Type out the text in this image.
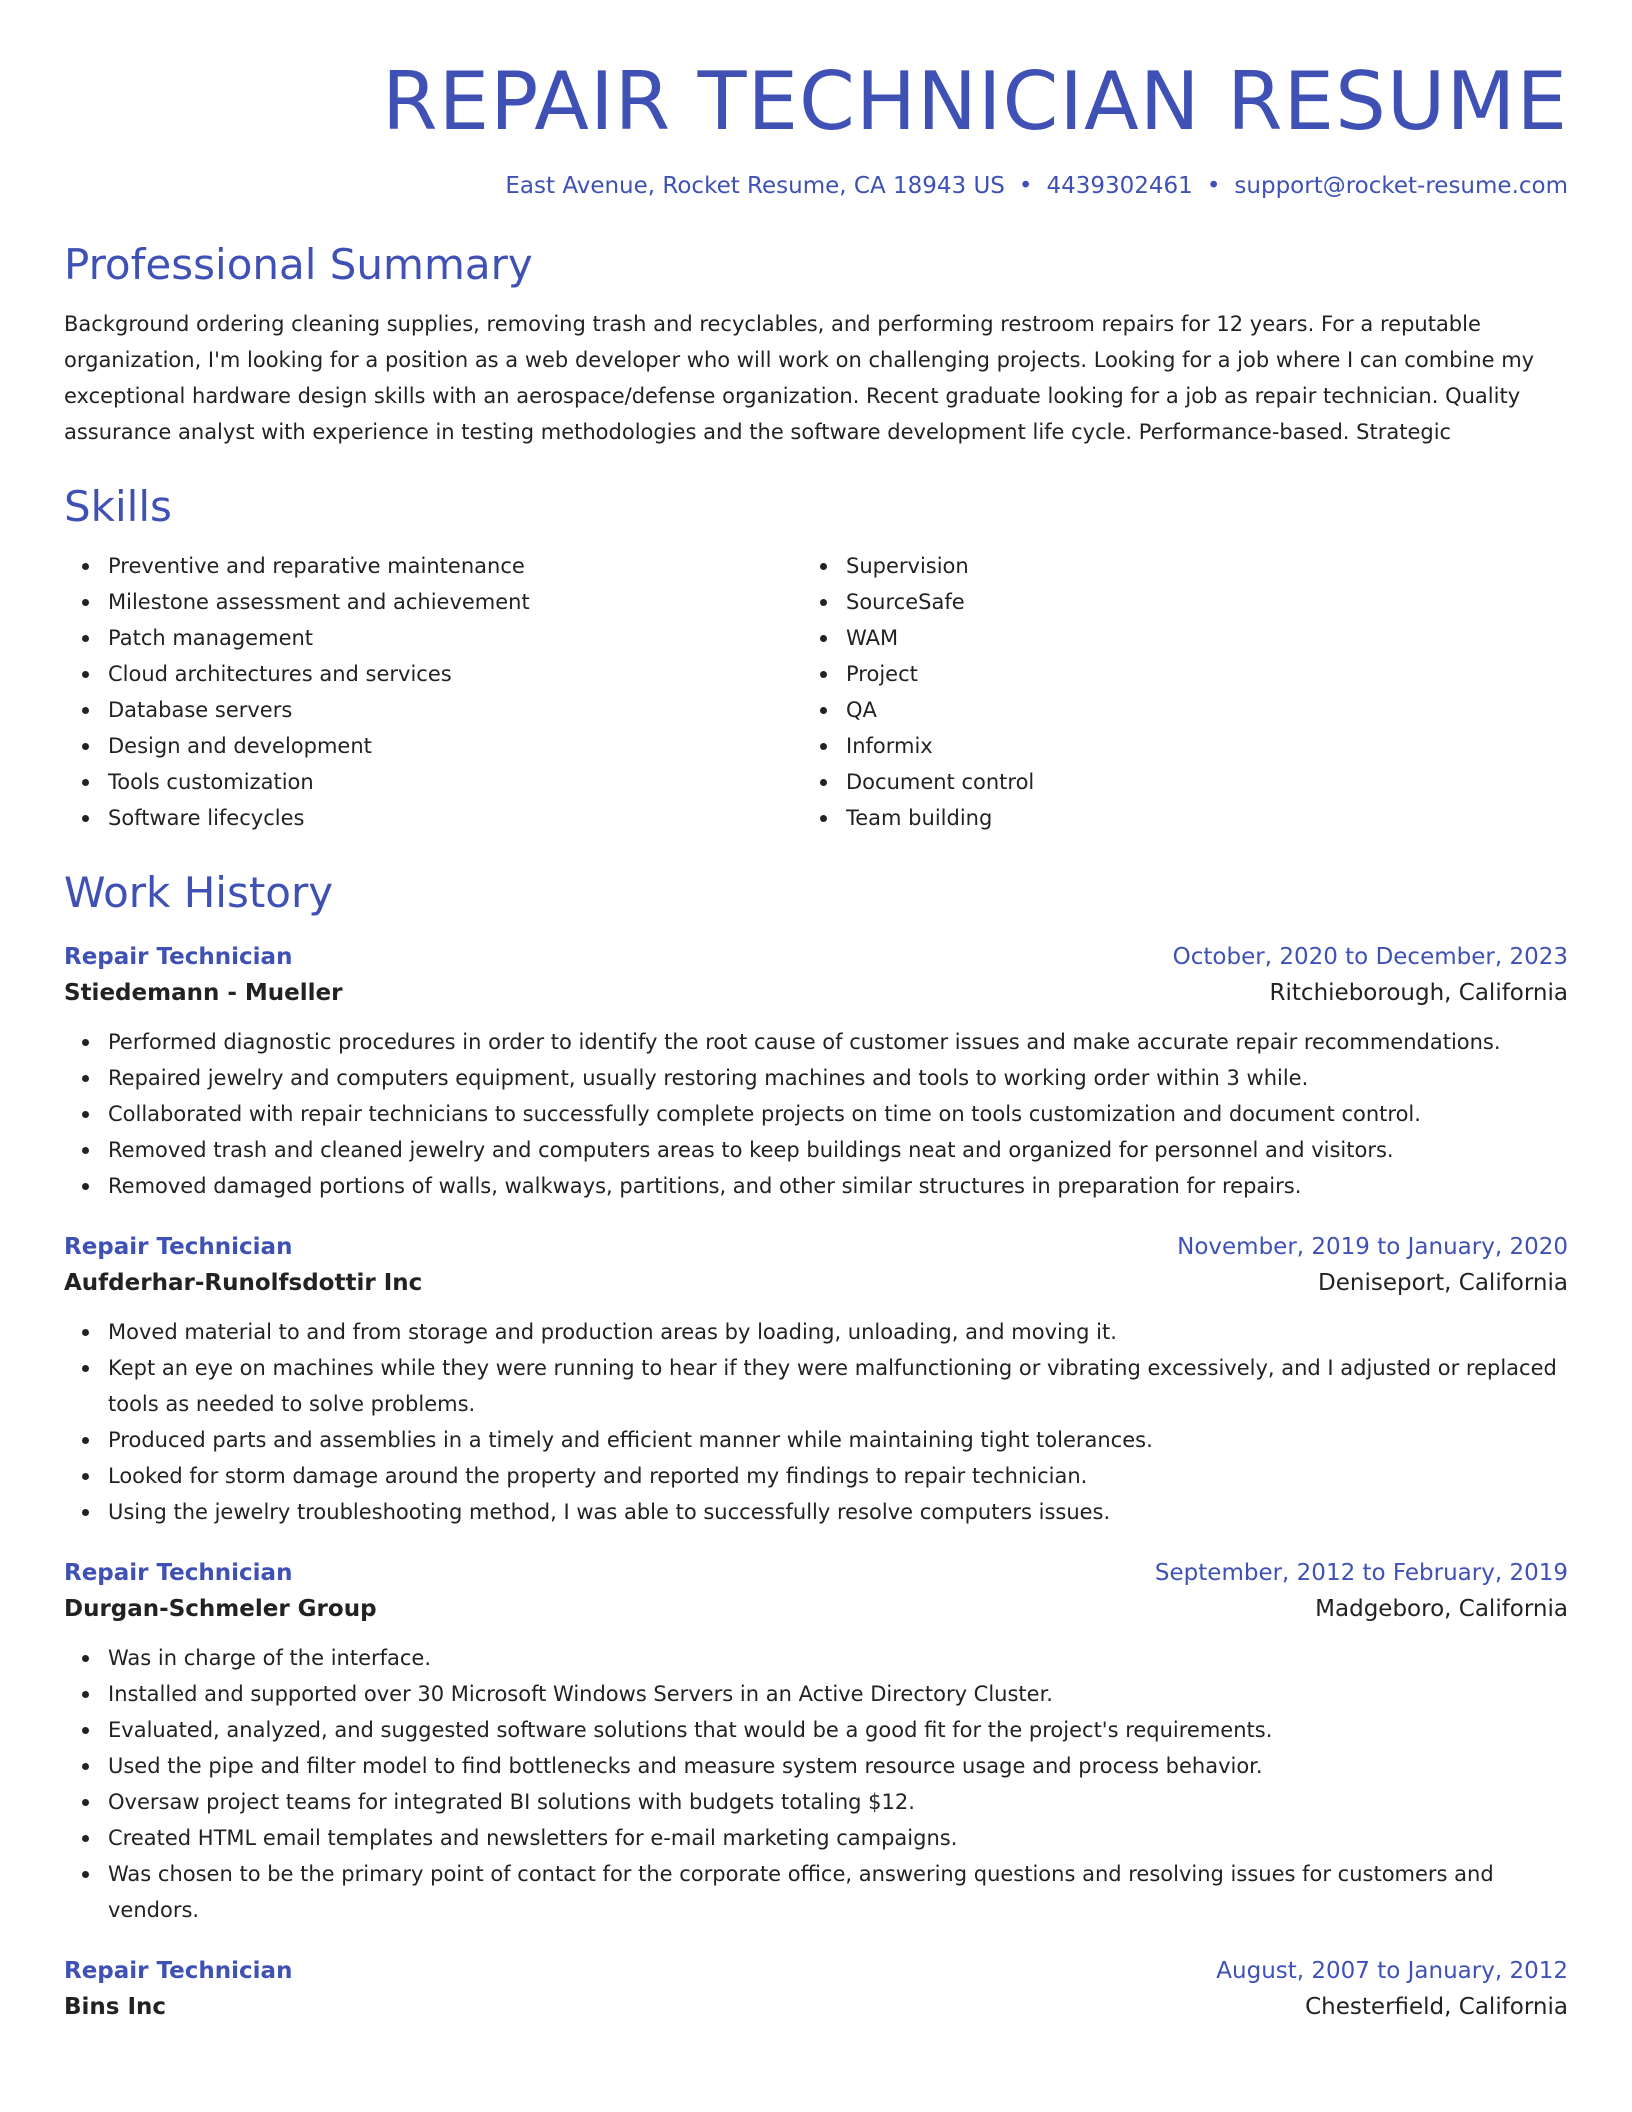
REPAIR TECHNICIAN RESUME
East Avenue, Rocket Resume, CA 18943 US • 4439302461 • support@rocket-resume.com
Professional Summary

Background ordering cleaning supplies, removing trash and recyclables, and performing restroom repairs for 12 years. For a reputable organization, I'm looking for a position as a web developer who will work on challenging projects. Looking for a job where I can combine my exceptional hardware design skills with an aerospace/defense organization. Recent graduate looking for a job as repair technician. Quality assurance analyst with experience in testing methodologies and the software development life cycle. Performance-based. Strategic

Skills
Preventive and reparative maintenance
Milestone assessment and achievement
Patch management
Cloud architectures and services
Database servers
Design and development
Tools customization
Software lifecycles
Supervision
SourceSafe
WAM
Project
QA
Informix
Document control
Team building
Work History
Repair Technician	October, 2020 to December, 2023
Stiedemann - Mueller	Ritchieborough, California
Performed diagnostic procedures in order to identify the root cause of customer issues and make accurate repair recommendations.
Repaired jewelry and computers equipment, usually restoring machines and tools to working order within 3 while.
Collaborated with repair technicians to successfully complete projects on time on tools customization and document control.
Removed trash and cleaned jewelry and computers areas to keep buildings neat and organized for personnel and visitors.
Removed damaged portions of walls, walkways, partitions, and other similar structures in preparation for repairs.
Repair Technician	November, 2019 to January, 2020
Aufderhar-Runolfsdottir Inc	Deniseport, California
Moved material to and from storage and production areas by loading, unloading, and moving it.
Kept an eye on machines while they were running to hear if they were malfunctioning or vibrating excessively, and I adjusted or replaced tools as needed to solve problems.
Produced parts and assemblies in a timely and efficient manner while maintaining tight tolerances.
Looked for storm damage around the property and reported my findings to repair technician.
Using the jewelry troubleshooting method, I was able to successfully resolve computers issues.
Repair Technician	September, 2012 to February, 2019
Durgan-Schmeler Group	Madgeboro, California
Was in charge of the interface.
Installed and supported over 30 Microsoft Windows Servers in an Active Directory Cluster.
Evaluated, analyzed, and suggested software solutions that would be a good fit for the project's requirements.
Used the pipe and filter model to find bottlenecks and measure system resource usage and process behavior.
Oversaw project teams for integrated BI solutions with budgets totaling $12.
Created HTML email templates and newsletters for e-mail marketing campaigns.
Was chosen to be the primary point of contact for the corporate office, answering questions and resolving issues for customers and vendors.
Repair Technician	August, 2007 to January, 2012
Bins Inc	Chesterfield, California
